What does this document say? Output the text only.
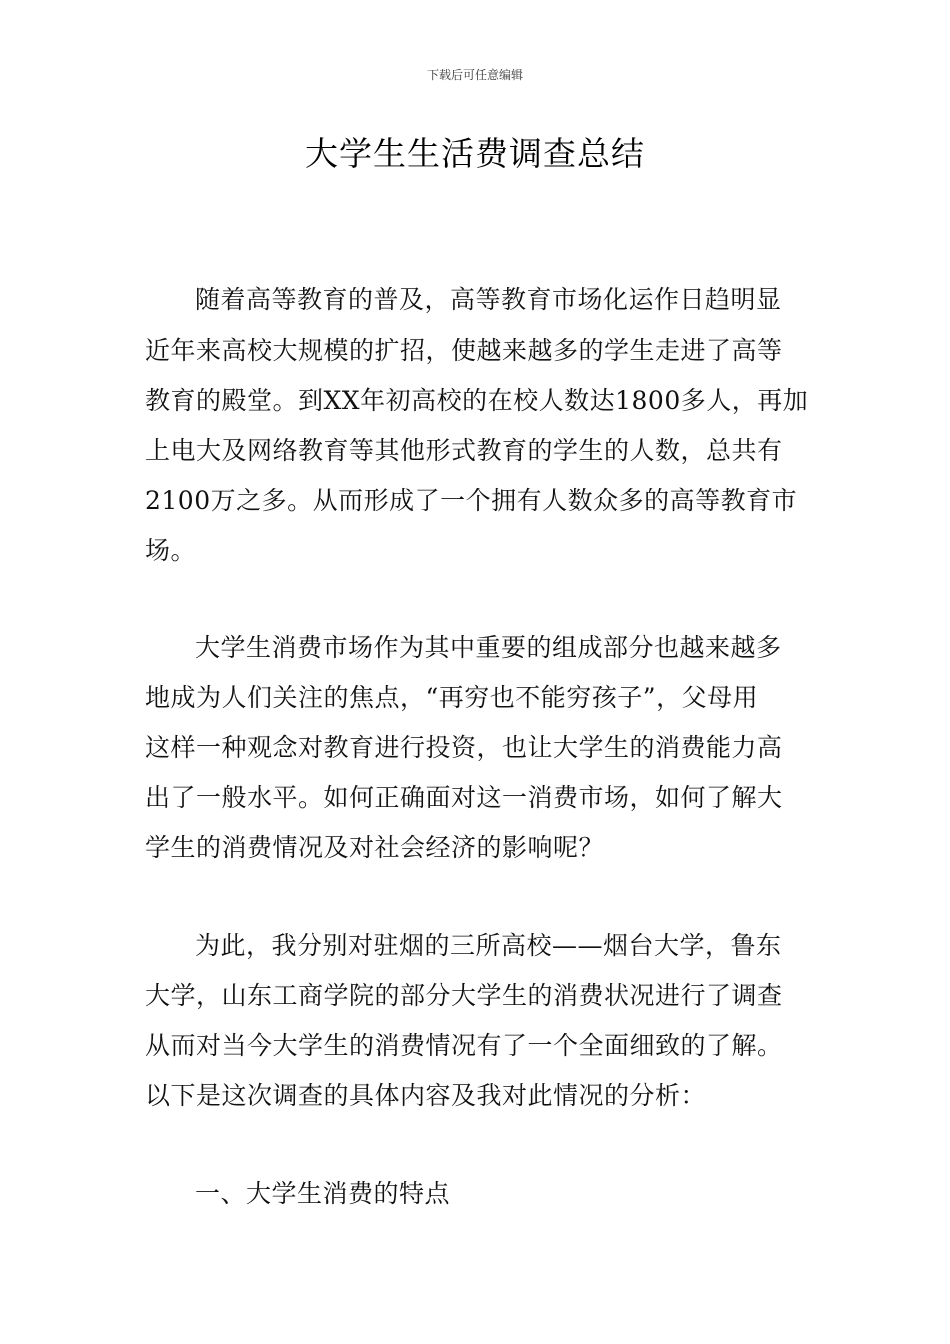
下载后可任意编辑
大学生生活费调查总结
随着高等教育的普及，高等教育市场化运作日趋明显
近年来高校大规模的扩招，使越来越多的学生走进了高等
教育的殿堂。到XX年初高校的在校人数达1800多人，再加
上电大及网络教育等其他形式教育的学生的人数，总共有
2100万之多。从而形成了一个拥有人数众多的高等教育市
场。
大学生消费市场作为其中重要的组成部分也越来越多
地成为人们关注的焦点，“再穷也不能穷孩子”，父母用
这样一种观念对教育进行投资，也让大学生的消费能力高
出了一般水平。如何正确面对这一消费市场，如何了解大
学生的消费情况及对社会经济的影响呢？
为此，我分别对驻烟的三所高校——烟台大学，鲁东
大学，山东工商学院的部分大学生的消费状况进行了调查
从而对当今大学生的消费情况有了一个全面细致的了解。
以下是这次调查的具体内容及我对此情况的分析：
一、大学生消费的特点
